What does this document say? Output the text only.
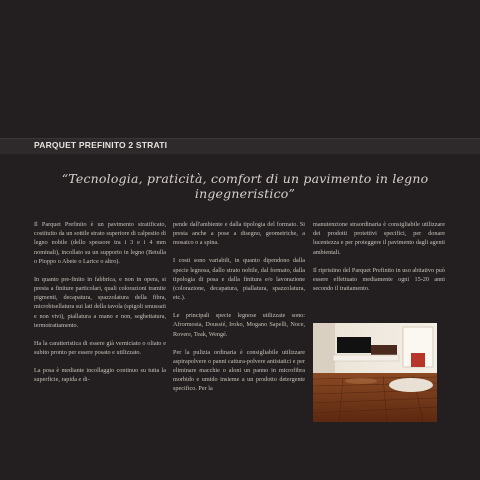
PARQUET PREFINITO 2 STRATI
“Tecnologia, praticità, comfort di un pavimento in legno ingegneristico”

Il Parquet Prefinito è un pavimento stratificato, costituito da un sottile strato superiore di calpestio di legno nobile (dello spessore tra i 3 e i 4 mm nominali), incollato su un supporto in legno (Betulla o Pioppo o Abete o Larice o altro).

In quanto pre-finito in fabbrica, e non in opera, si presta a finiture particolari, quali colorazioni tramite pigmenti, decapatura, spazzolatura della fibra, microbisellatura sui lati della tavola (spigoli smussati e non vivi), piallatura a mano e non, seghettatura, termotrattamento.

Ha la caratteristica di essere già verniciato o oliato e subito pronto per essere posato e utilizzato.

La posa è mediante incollaggio continuo su tutta la superficie, rapida e di-

pende dall'ambiente e dalla tipologia del formato. Si presta anche a pose a disegno, geometriche, a mosaico o a spina.

I costi sono variabili, in quanto dipendono dalla specie legnosa, dallo strato nobile, dal formato, dalla tipologia di posa e dalla finitura e/o lavorazione (colorazione, decapatura, piallatura, spazzolatura, etc.).

Le principali specie legnose utilizzate sono: Afrormosia, Doussié, Iroko, Mogano Sapelli, Noce, Rovere, Teak, Wengé.

Per la pulizia ordinaria è consigliabile utilizzare aspirapolvere o panni cattura-polvere antistatici e per eliminare macchie o aloni un panno in microfibra morbido e umido insieme a un prodotto detergente specifico. Per la

manutenzione straordinaria è consigliabile utilizzare dei prodotti protettivi specifici, per donare lucentezza e per proteggere il pavimento dagli agenti ambientali.

Il ripristino del Parquet Prefinito in uso abitativo può essere effettuato mediamente ogni 15-20 anni secondo il trattamento.
